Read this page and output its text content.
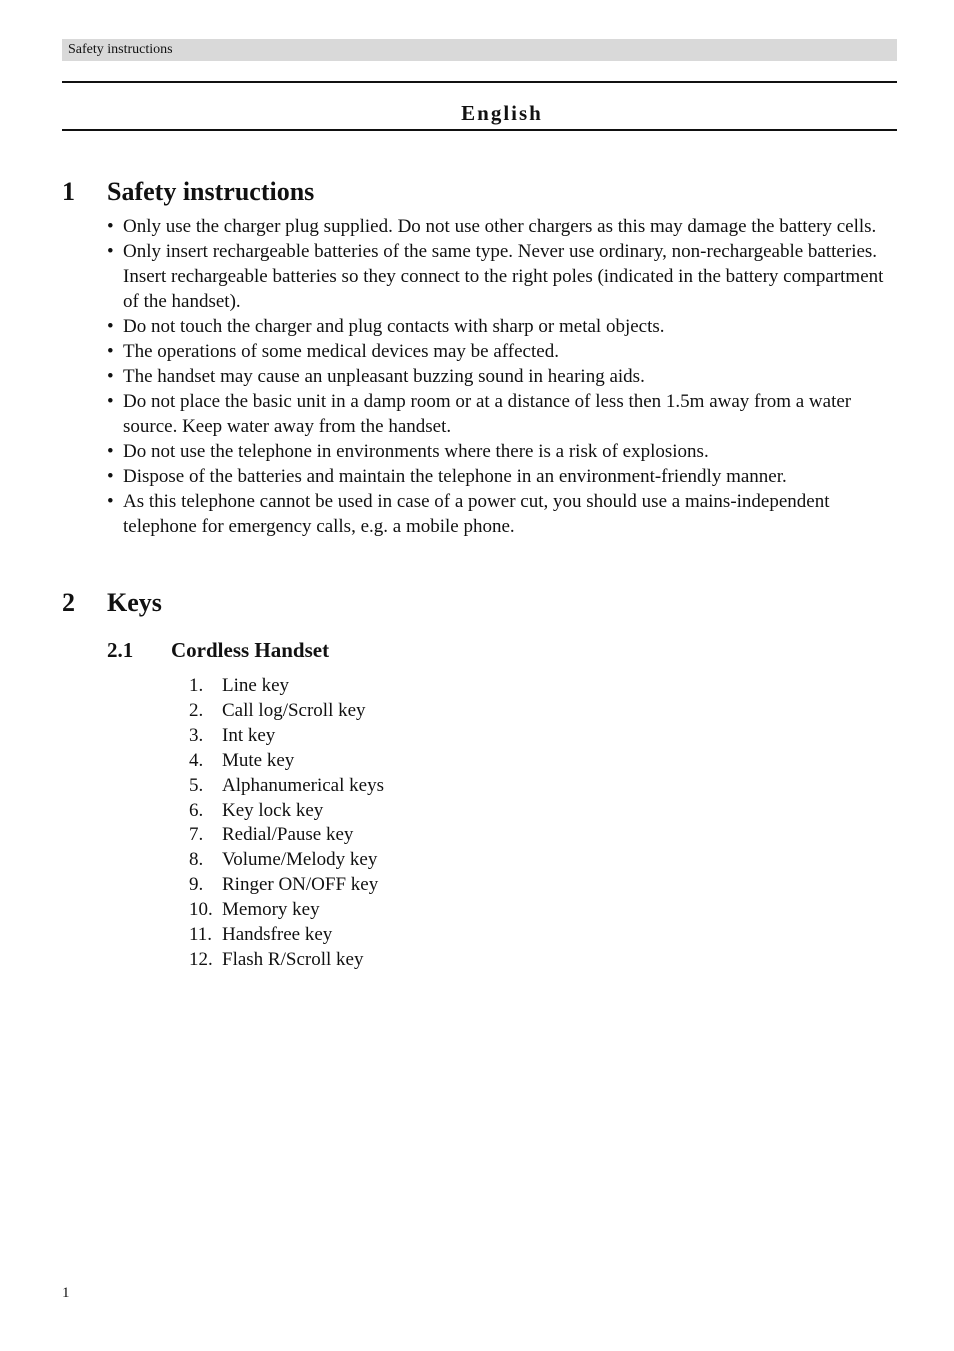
Safety instructions
English
1 Safety instructions
• Only use the charger plug supplied. Do not use other chargers as this may damage the battery cells.
• Only insert rechargeable batteries of the same type. Never use ordinary, non-rechargeable batteries. Insert rechargeable batteries so they connect to the right poles (indicated in the battery compartment of the handset).
• Do not touch the charger and plug contacts with sharp or metal objects.
• The operations of some medical devices may be affected.
• The handset may cause an unpleasant buzzing sound in hearing aids.
• Do not place the basic unit in a damp room or at a distance of less then 1.5m away from a water source. Keep water away from the handset.
• Do not use the telephone in environments where there is a risk of explosions.
• Dispose of the batteries and maintain the telephone in an environment-friendly manner.
• As this telephone cannot be used in case of a power cut, you should use a mains-independent telephone for emergency calls, e.g. a mobile phone.
2 Keys
2.1 Cordless Handset
1. Line key
2. Call log/Scroll key
3. Int key
4. Mute key
5. Alphanumerical keys
6. Key lock key
7. Redial/Pause key
8. Volume/Melody key
9. Ringer ON/OFF key
10. Memory key
11. Handsfree key
12. Flash R/Scroll key
1
